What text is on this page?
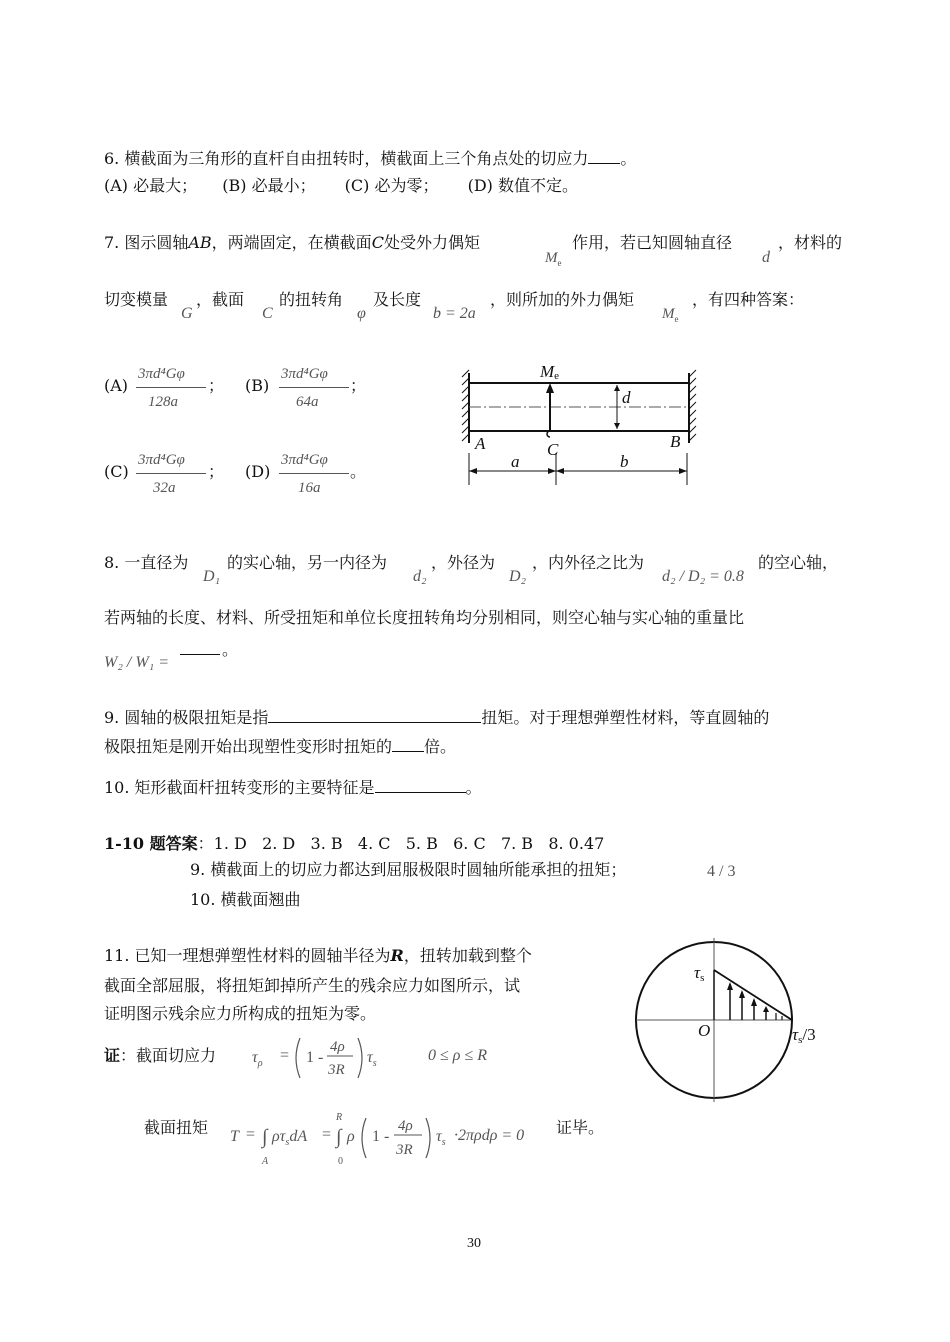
6. 横截面为三角形的直杆自由扭转时，横截面上三个角点处的切应力 。
(A) 必最大； (B) 必最小； (C) 必为零； (D) 数值不定。
7. 图示圆轴AB，两端固定，在横截面C处受外力偶矩
$M_e$
作用，若已知圆轴直径
d
，材料的
切变模量
G
，截面
C
的扭转角
φ
及长度
b = 2a
，则所加的外力偶矩
$M_e$
，有四种答案：
(A)
3πd⁴Gφ
128a
； (B)
3πd⁴Gφ
64a
；
(C)
3πd⁴Gφ
32a
； (D)
3πd⁴Gφ
16a
。
Me
d
A	B
C
a	b
8. 一直径为
D₁
的实心轴，另一内径为
d₂
，外径为
D₂
，内外径之比为
d₂ / D₂ = 0.8
的空心轴，
若两轴的长度、材料、所受扭矩和单位长度扭转角均分别相同，则空心轴与实心轴的重量比
W₂ / W₁ =
。
9. 圆轴的极限扭矩是指	扭矩。对于理想弹塑性材料，等直圆轴的
极限扭矩是刚开始出现塑性变形时扭矩的 倍。
10. 矩形截面杆扭转变形的主要特征是	。
1-10 题答案：1. D   2. D   3. B   4. C   5. B   6. C   7. B   8. 0.47
9. 横截面上的切应力都达到屈服极限时圆轴所能承担的扭矩；	4 / 3
10. 横截面翘曲
11. 已知一理想弹塑性材料的圆轴半径为R，扭转加载到整个
截面全部屈服，将扭矩卸掉所产生的残余应力如图所示，试
证明图示残余应力所构成的扭矩为零。
证：截面切应力 $\tau_\rho = 1$ -
4ρ
3R
$\tau_s$	0 ≤ ρ ≤ R
截面扭矩 T = ∫
A
$\rho\tau_sdA$ =
R
∫
0
ρ 1 -
4ρ
3R
$\tau_s \cdot 2\pi\rho d\rho = 0$ 证毕。
τs
O	τs/3
30
